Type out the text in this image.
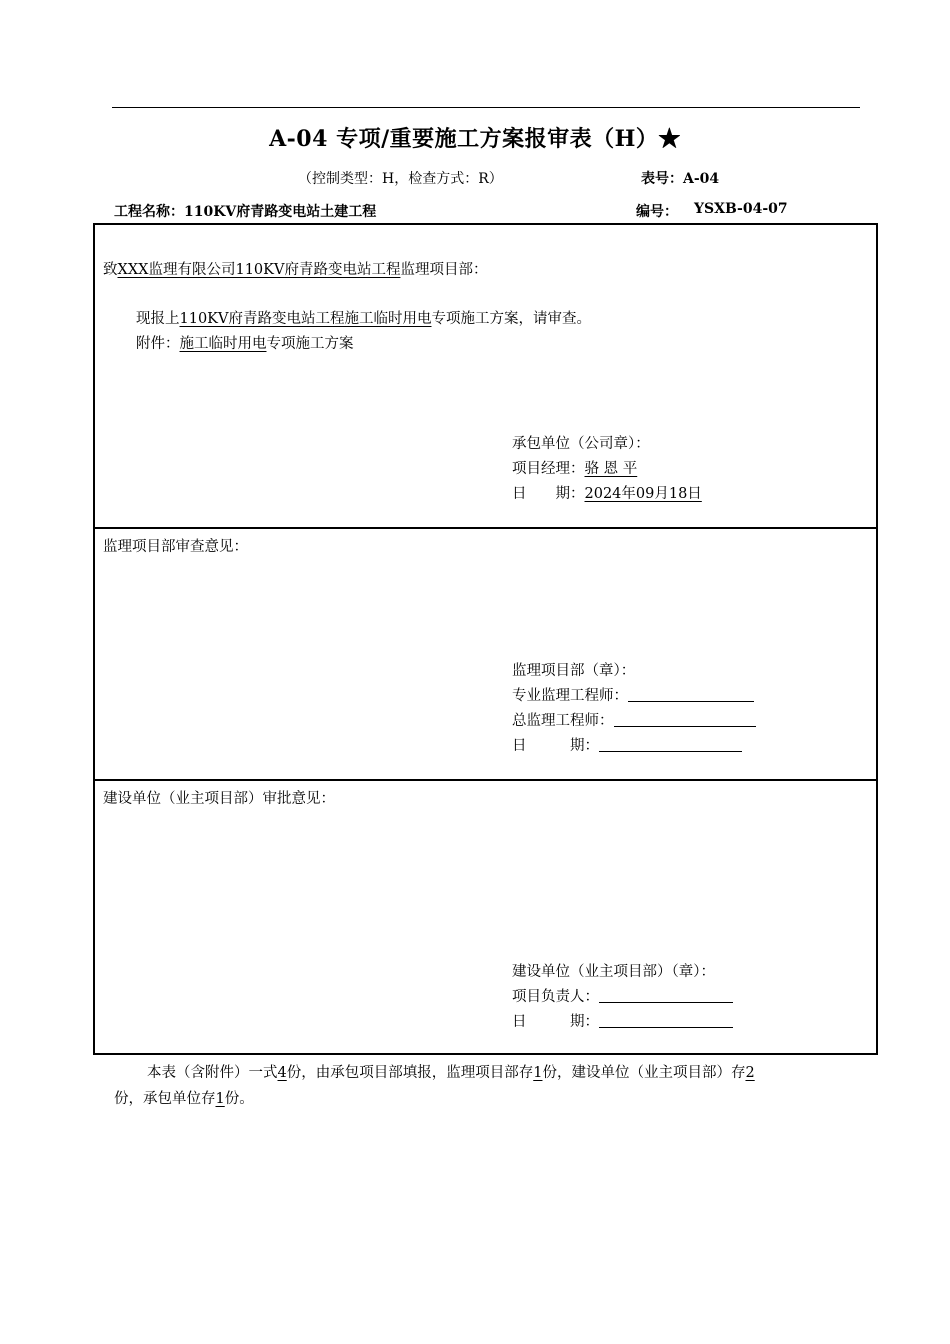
A-04 专项/重要施工方案报审表（H）★
（控制类型：H，检查方式：R）	表号：A-04
工程名称：110KV府青路变电站土建工程	编号： YSXB-04-07
致XXX监理有限公司110KV府青路变电站工程监理项目部：
现报上110KV府青路变电站工程施工临时用电专项施工方案，请审查。
附件：施工临时用电专项施工方案
承包单位（公司章）：
项目经理：骆 恩 平
日　　期：2024年09月18日
监理项目部审查意见：
监理项目部（章）：
专业监理工程师：
总监理工程师：
日　　　期：
建设单位（业主项目部）审批意见：
建设单位（业主项目部）（章）：
项目负责人：
日　　　期：
本表（含附件）一式4份，由承包项目部填报，监理项目部存1份，建设单位（业主项目部）存2
份，承包单位存1份。
